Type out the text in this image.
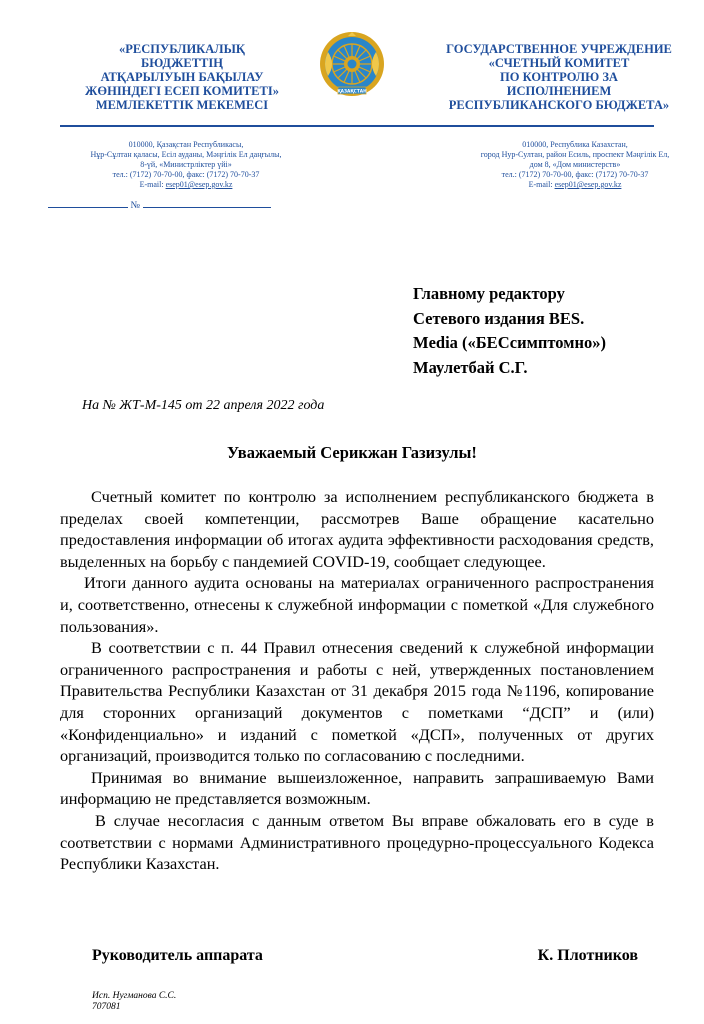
«РЕСПУБЛИКАЛЫҚ
БЮДЖЕТТІҢ
АТҚАРЫЛУЫН БАҚЫЛАУ
ЖӨНІНДЕГІ ЕСЕП КОМИТЕТІ»
МЕМЛЕКЕТТІК МЕКЕМЕСІ
ҚАЗАҚСТАН
ГОСУДАРСТВЕННОЕ УЧРЕЖДЕНИЕ
«СЧЕТНЫЙ КОМИТЕТ
ПО КОНТРОЛЮ ЗА
ИСПОЛНЕНИЕМ
РЕСПУБЛИКАНСКОГО БЮДЖЕТА»
010000, Қазақстан Республикасы,
Нұр-Сұлтан қаласы, Есіл ауданы, Мәңгілік Ел даңғылы,
8-үй, «Министрліктер үйі»
тел.: (7172) 70-70-00, факс: (7172) 70-70-37
E-mail: esep01@esep.gov.kz
010000, Республика Казахстан,
город Нур-Султан, район Есиль, проспект Мәңгілік Ел,
дом 8, «Дом министерств»
тел.: (7172) 70-70-00, факс: (7172) 70-70-37
E-mail: esep01@esep.gov.kz
№
Главному редактору
Сетевого издания BES.
Media («БЕСсимптомно»)
Маулетбай С.Г.
На № ЖТ-М-145 от 22 апреля 2022 года
Уважаемый Серикжан Газизулы!

Счетный комитет по контролю за исполнением республиканского бюджета в пределах своей компетенции, рассмотрев Ваше обращение касательно предоставления информации об итогах аудита эффективности расходования средств, выделенных на борьбу с пандемией COVID-19, сообщает следующее.

Итоги данного аудита основаны на материалах ограниченного распространения и, соответственно, отнесены к служебной информации с пометкой «Для служебного пользования».

В соответствии с п. 44 Правил отнесения сведений к служебной информации ограниченного распространения и работы с ней, утвержденных постановлением Правительства Республики Казахстан от 31 декабря 2015 года №1196, копирование для сторонних организаций документов с пометками “ДСП” и (или) «Конфиденциально» и изданий с пометкой «ДСП», полученных от других организаций, производится только по согласованию с последними.

Принимая во внимание вышеизложенное, направить запрашиваемую Вами информацию не представляется возможным.

В случае несогласия с данным ответом Вы вправе обжаловать его в суде в соответствии с нормами Административного процедурно-процессуального Кодекса Республики Казахстан.

Руководитель аппарата	К. Плотников
Исп. Нугманова С.С.
707081
